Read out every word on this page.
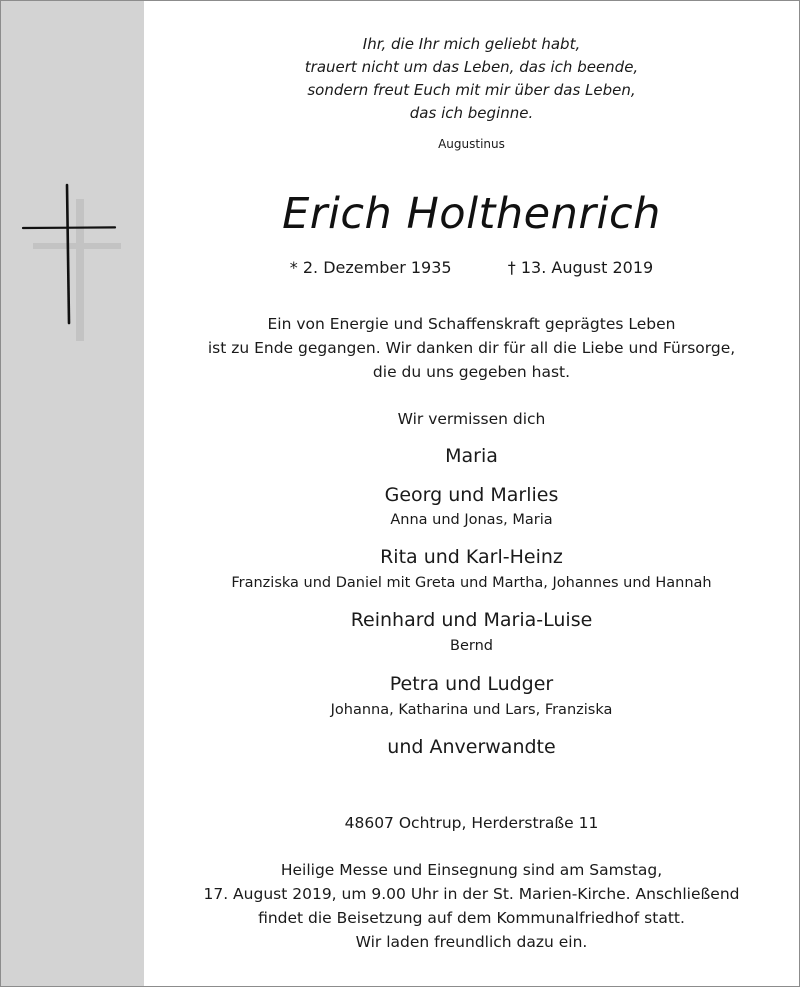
Ihr, die Ihr mich geliebt habt,
trauert nicht um das Leben, das ich beende,
sondern freut Euch mit mir über das Leben,
das ich beginne.
Augustinus
Erich Holthenrich
* 2. Dezember 1935	† 13. August 2019
Ein von Energie und Schaffenskraft geprägtes Leben
ist zu Ende gegangen. Wir danken dir für all die Liebe und Fürsorge,
die du uns gegeben hast.
Wir vermissen dich
Maria
Georg und Marlies
Anna und Jonas, Maria
Rita und Karl-Heinz
Franziska und Daniel mit Greta und Martha, Johannes und Hannah
Reinhard und Maria-Luise
Bernd
Petra und Ludger
Johanna, Katharina und Lars, Franziska
und Anverwandte
48607 Ochtrup, Herderstraße 11
Heilige Messe und Einsegnung sind am Samstag,
17. August 2019, um 9.00 Uhr in der St. Marien-Kirche. Anschließend
findet die Beisetzung auf dem Kommunalfriedhof statt.
Wir laden freundlich dazu ein.
